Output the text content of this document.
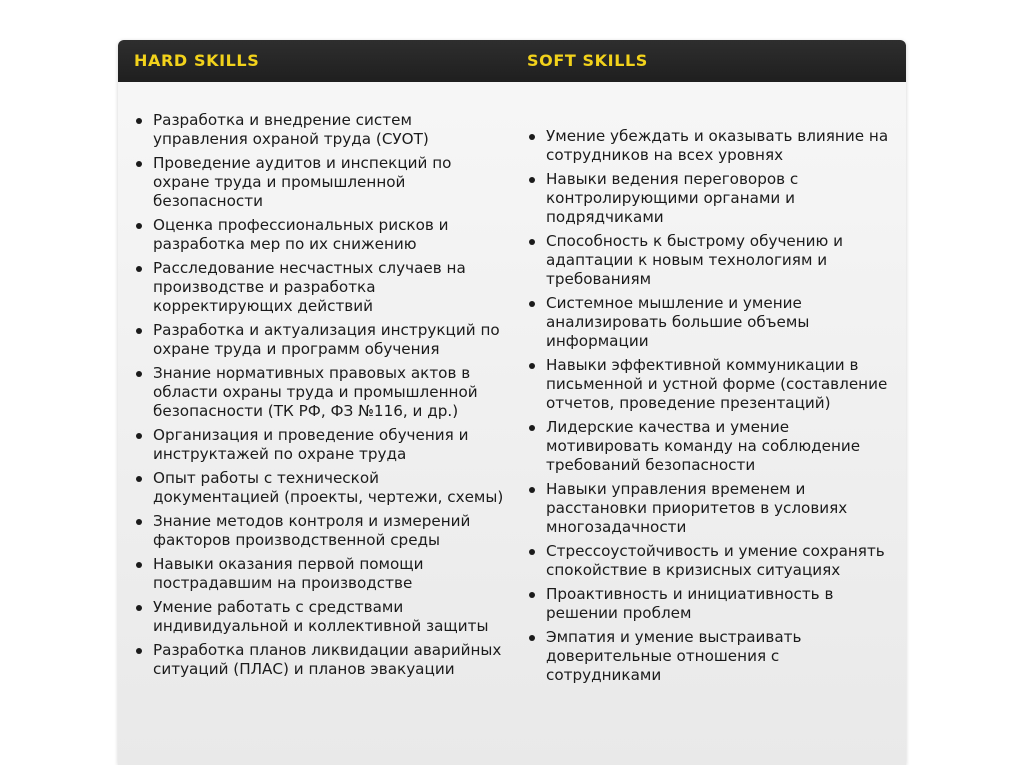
HARD SKILLS	SOFT SKILLS
Разработка и внедрение систем управления охраной труда (СУОТ)
Проведение аудитов и инспекций по охране труда и промышленной безопасности
Оценка профессиональных рисков и разработка мер по их снижению
Расследование несчастных случаев на производстве и разработка корректирующих действий
Разработка и актуализация инструкций по охране труда и программ обучения
Знание нормативных правовых актов в области охраны труда и промышленной безопасности (ТК РФ, ФЗ №116, и др.)
Организация и проведение обучения и инструктажей по охране труда
Опыт работы с технической документацией (проекты, чертежи, схемы)
Знание методов контроля и измерений факторов производственной среды
Навыки оказания первой помощи пострадавшим на производстве
Умение работать с средствами индивидуальной и коллективной защиты
Разработка планов ликвидации аварийных ситуаций (ПЛАС) и планов эвакуации
Умение убеждать и оказывать влияние на сотрудников на всех уровнях
Навыки ведения переговоров с контролирующими органами и подрядчиками
Способность к быстрому обучению и адаптации к новым технологиям и требованиям
Системное мышление и умение анализировать большие объемы информации
Навыки эффективной коммуникации в письменной и устной форме (составление отчетов, проведение презентаций)
Лидерские качества и умение мотивировать команду на соблюдение требований безопасности
Навыки управления временем и расстановки приоритетов в условиях многозадачности
Стрессоустойчивость и умение сохранять спокойствие в кризисных ситуациях
Проактивность и инициативность в решении проблем
Эмпатия и умение выстраивать доверительные отношения с сотрудниками
